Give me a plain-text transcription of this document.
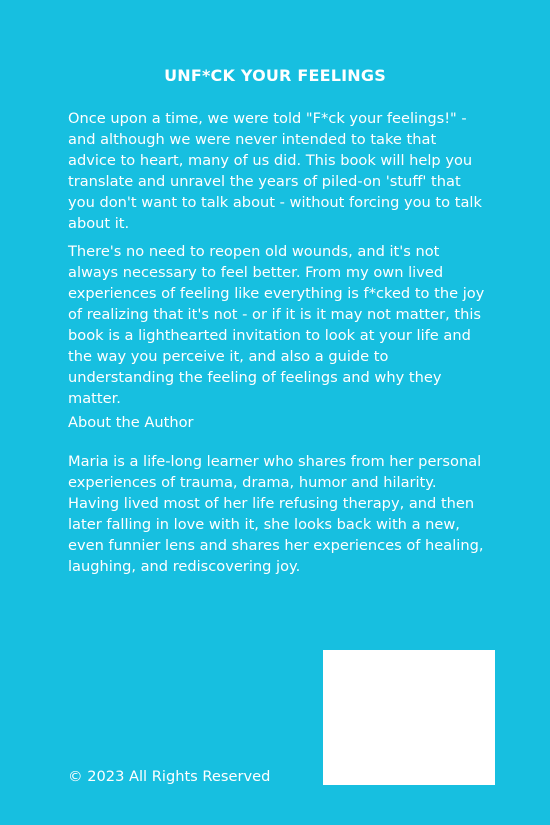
UNF*CK YOUR FEELINGS

Once upon a time, we were told "F*ck your feelings!" - and although we were never intended to take that advice to heart, many of us did. This book will help you translate and unravel the years of piled-on 'stuff' that you don't want to talk about - without forcing you to talk about it.

There's no need to reopen old wounds, and it's not always necessary to feel better. From my own lived experiences of feeling like everything is f*cked to the joy of realizing that it's not - or if it is it may not matter, this book is a lighthearted invitation to look at your life and the way you perceive it, and also a guide to understanding the feeling of feelings and why they matter.

About the Author

Maria is a life-long learner who shares from her personal experiences of trauma, drama, humor and hilarity. Having lived most of her life refusing therapy, and then later falling in love with it, she looks back with a new, even funnier lens and shares her experiences of healing, laughing, and rediscovering joy.

© 2023 All Rights Reserved
